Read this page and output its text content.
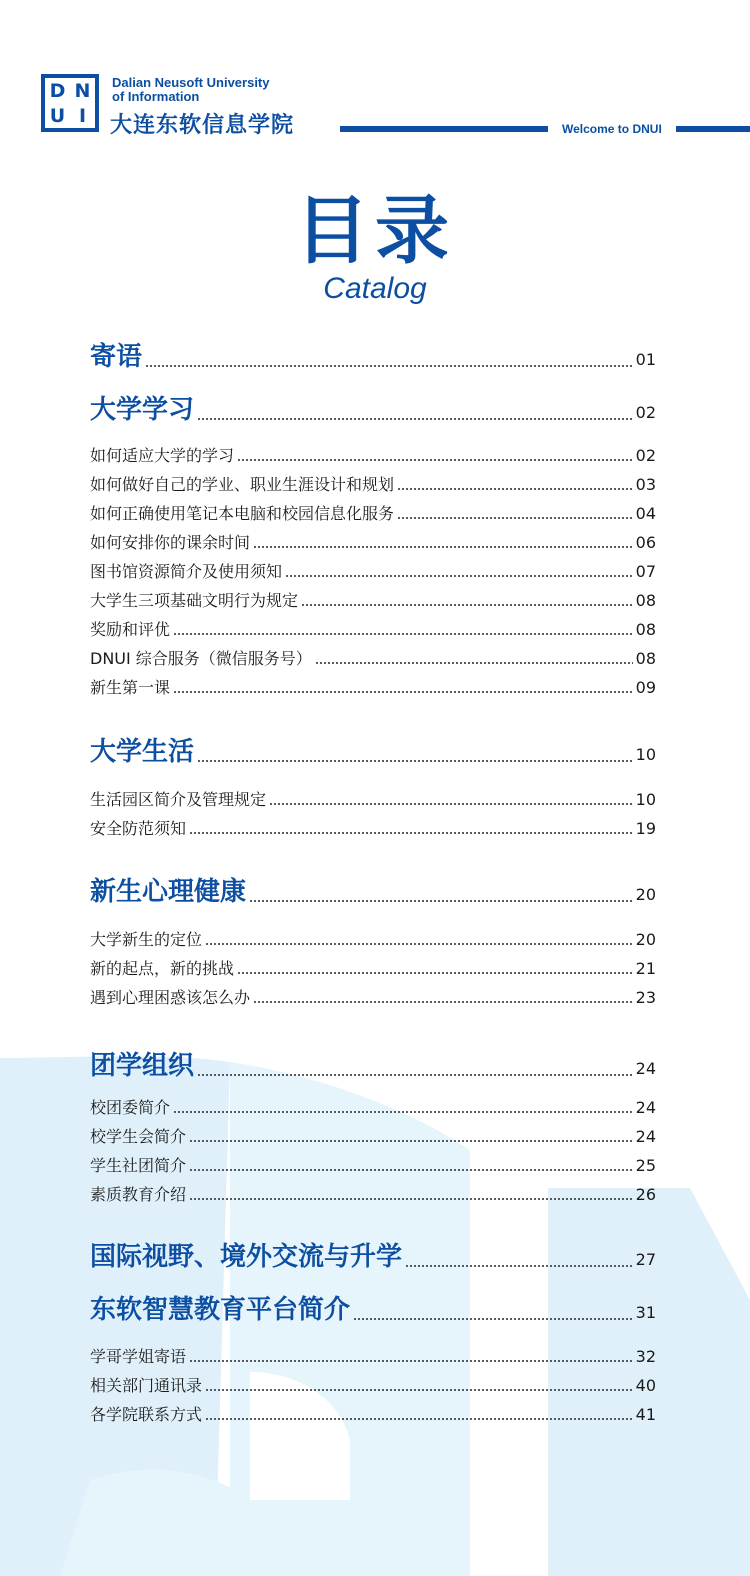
D N
U I
Dalian Neusoft University
of Information
大连东软信息学院	Welcome to DNUI
目录
Catalog
寄语	01
大学学习	02
如何适应大学的学习	02
如何做好自己的学业、职业生涯设计和规划	03
如何正确使用笔记本电脑和校园信息化服务	04
如何安排你的课余时间	06
图书馆资源简介及使用须知	07
大学生三项基础文明行为规定	08
奖励和评优	08
DNUI 综合服务（微信服务号）	08
新生第一课	09
大学生活	10
生活园区简介及管理规定	10
安全防范须知	19
新生心理健康	20
大学新生的定位	20
新的起点，新的挑战	21
遇到心理困惑该怎么办	23
团学组织	24
校团委简介	24
校学生会简介	24
学生社团简介	25
素质教育介绍	26
国际视野、境外交流与升学	27
东软智慧教育平台简介	31
学哥学姐寄语	32
相关部门通讯录	40
各学院联系方式	41
